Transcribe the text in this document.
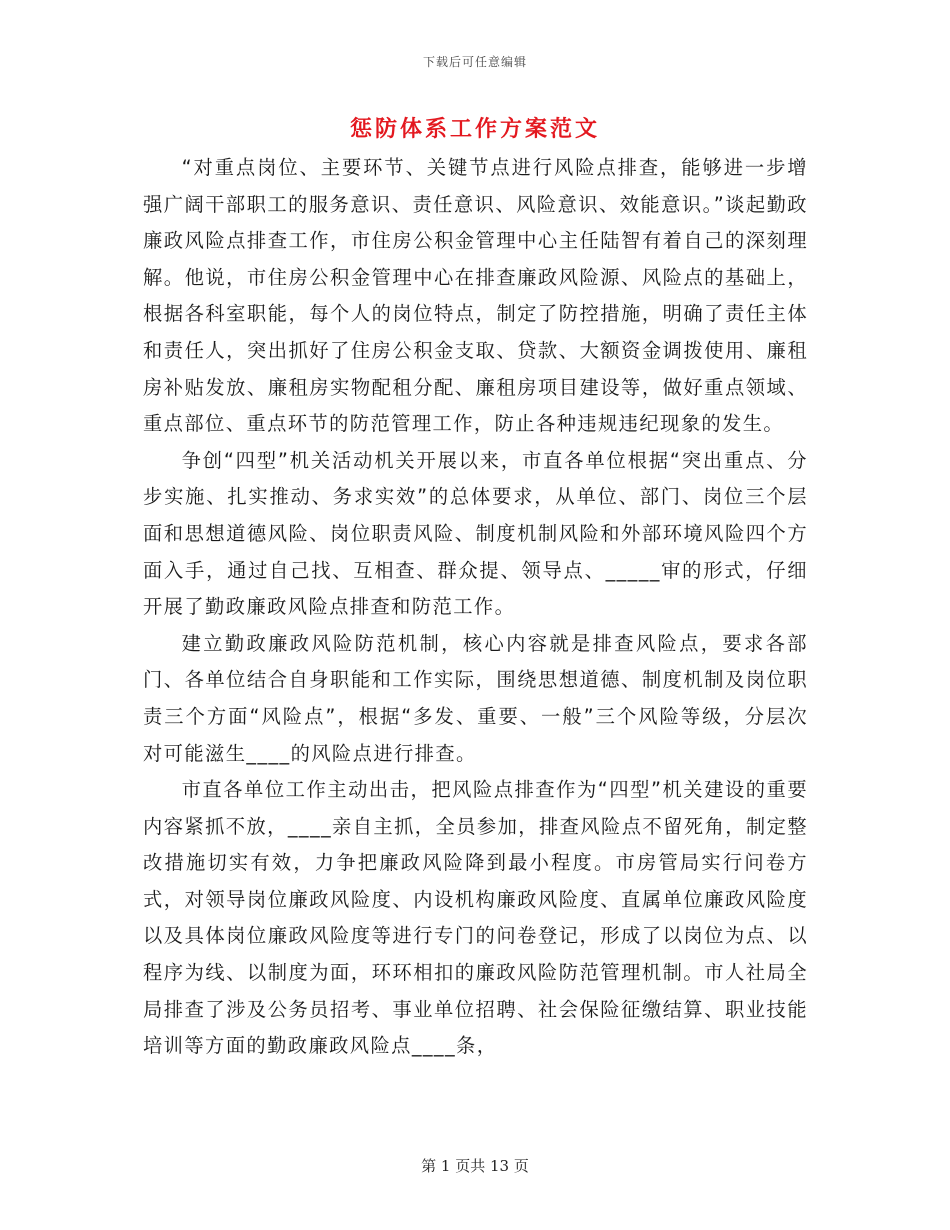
下载后可任意编辑
惩防体系工作方案范文

“对重点岗位、主要环节、关键节点进行风险点排查，能够进一步增强广阔干部职工的服务意识、责任意识、风险意识、效能意识。”谈起勤政廉政风险点排查工作，市住房公积金管理中心主任陆智有着自己的深刻理解。他说，市住房公积金管理中心在排查廉政风险源、风险点的基础上，根据各科室职能，每个人的岗位特点，制定了防控措施，明确了责任主体和责任人，突出抓好了住房公积金支取、贷款、大额资金调拨使用、廉租房补贴发放、廉租房实物配租分配、廉租房项目建设等，做好重点领域、重点部位、重点环节的防范管理工作，防止各种违规违纪现象的发生。

争创“四型”机关活动机关开展以来，市直各单位根据“突出重点、分步实施、扎实推动、务求实效”的总体要求，从单位、部门、岗位三个层面和思想道德风险、岗位职责风险、制度机制风险和外部环境风险四个方面入手，通过自己找、互相查、群众提、领导点、_____审的形式，仔细开展了勤政廉政风险点排查和防范工作。

建立勤政廉政风险防范机制，核心内容就是排查风险点，要求各部门、各单位结合自身职能和工作实际，围绕思想道德、制度机制及岗位职责三个方面“风险点”，根据“多发、重要、一般”三个风险等级，分层次对可能滋生____的风险点进行排查。

市直各单位工作主动出击，把风险点排查作为“四型”机关建设的重要内容紧抓不放，____亲自主抓，全员参加，排查风险点不留死角，制定整改措施切实有效，力争把廉政风险降到最小程度。市房管局实行问卷方式，对领导岗位廉政风险度、内设机构廉政风险度、直属单位廉政风险度以及具体岗位廉政风险度等进行专门的问卷登记，形成了以岗位为点、以程序为线、以制度为面，环环相扣的廉政风险防范管理机制。市人社局全局排查了涉及公务员招考、事业单位招聘、社会保险征缴结算、职业技能培训等方面的勤政廉政风险点____条，

第 1 页共 13 页
